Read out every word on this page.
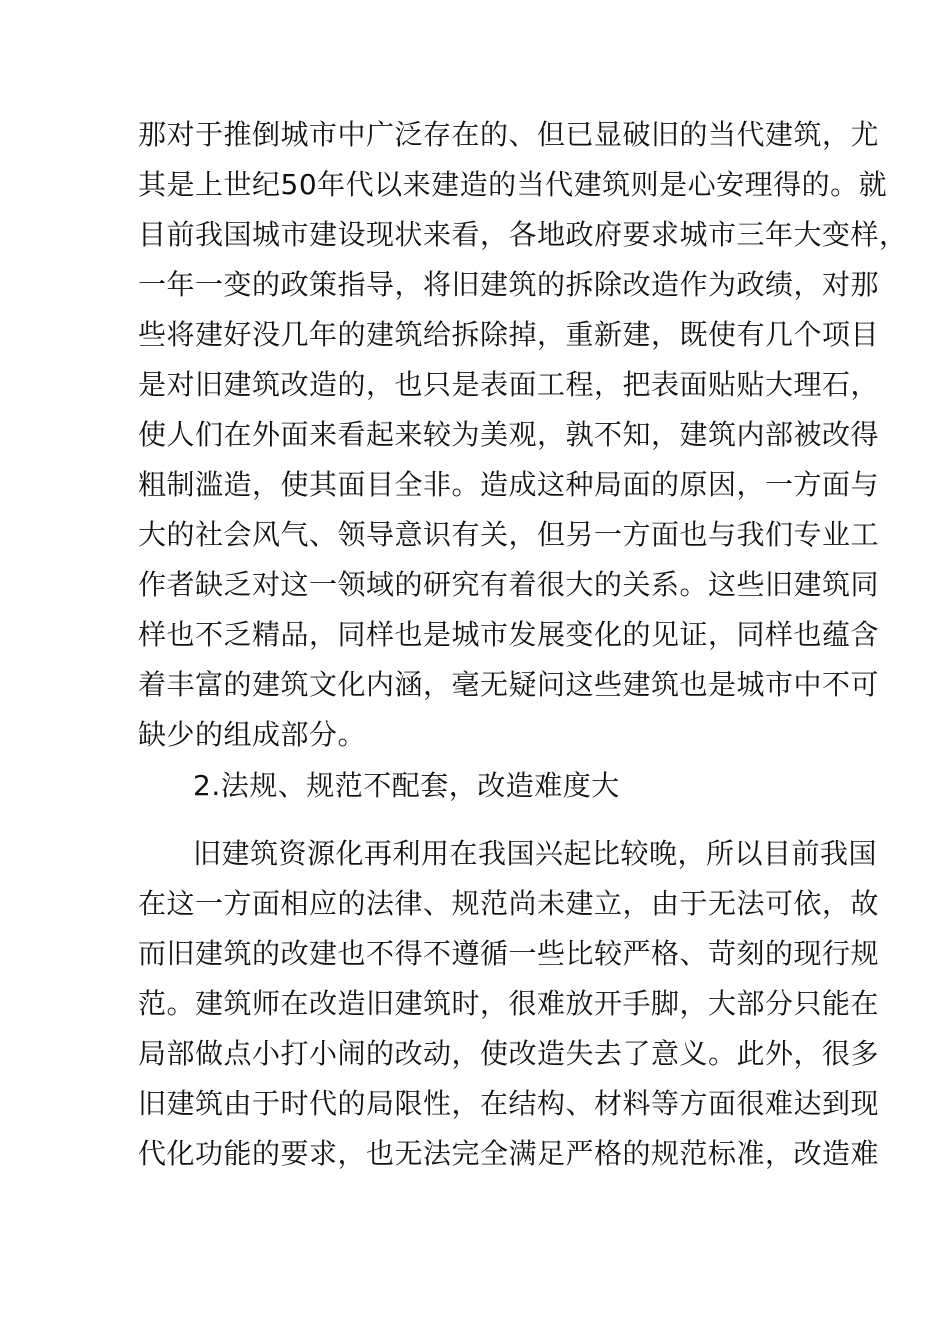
那对于推倒城市中广泛存在的、但已显破旧的当代建筑，尤
其是上世纪50年代以来建造的当代建筑则是心安理得的。就
目前我国城市建设现状来看，各地政府要求城市三年大变样，
一年一变的政策指导，将旧建筑的拆除改造作为政绩，对那
些将建好没几年的建筑给拆除掉，重新建，既使有几个项目
是对旧建筑改造的，也只是表面工程，把表面贴贴大理石，
使人们在外面来看起来较为美观，孰不知，建筑内部被改得
粗制滥造，使其面目全非。造成这种局面的原因，一方面与
大的社会风气、领导意识有关，但另一方面也与我们专业工
作者缺乏对这一领域的研究有着很大的关系。这些旧建筑同
样也不乏精品，同样也是城市发展变化的见证，同样也蕴含
着丰富的建筑文化内涵，毫无疑问这些建筑也是城市中不可
缺少的组成部分。
2.法规、规范不配套，改造难度大
旧建筑资源化再利用在我国兴起比较晚，所以目前我国
在这一方面相应的法律、规范尚未建立，由于无法可依，故
而旧建筑的改建也不得不遵循一些比较严格、苛刻的现行规
范。建筑师在改造旧建筑时，很难放开手脚，大部分只能在
局部做点小打小闹的改动，使改造失去了意义。此外，很多
旧建筑由于时代的局限性，在结构、材料等方面很难达到现
代化功能的要求，也无法完全满足严格的规范标准，改造难
